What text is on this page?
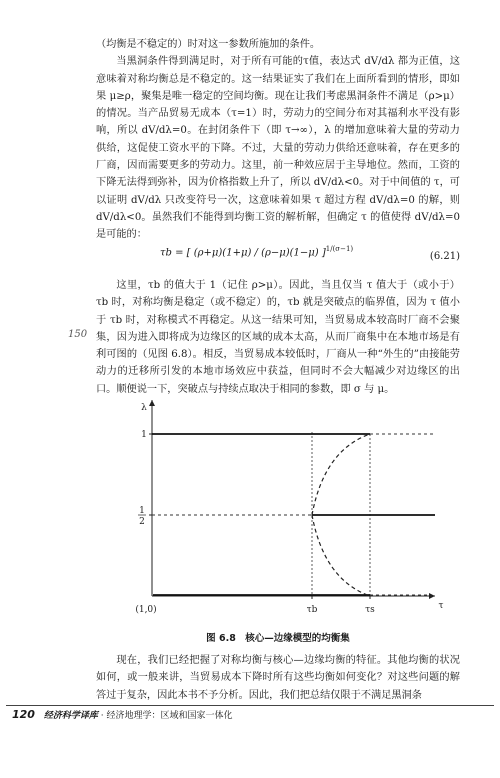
（均衡是不稳定的）时对这一参数所施加的条件。

当黑洞条件得到满足时，对于所有可能的τ值，表达式 dV/dλ 都为正值，这意味着对称均衡总是不稳定的。这一结果证实了我们在上面所看到的情形，即如果 μ≥ρ，聚集是唯一稳定的空间均衡。现在让我们考虑黑洞条件不满足（ρ>μ）的情况。当产品贸易无成本（τ=1）时，劳动力的空间分布对其福利水平没有影响，所以 dV/dλ=0。在封闭条件下（即 τ→∞），λ 的增加意味着大量的劳动力供给，这促使工资水平的下降。不过，大量的劳动力供给还意味着，存在更多的厂商，因而需要更多的劳动力。这里，前一种效应居于主导地位。然而，工资的下降无法得到弥补，因为价格指数上升了，所以 dV/dλ<0。对于中间值的 τ，可以证明 dV/dλ 只改变符号一次，这意味着如果 τ 超过方程 dV/dλ=0 的解，则 dV/dλ<0。虽然我们不能得到均衡工资的解析解，但确定 τ 的值使得 dV/dλ=0 是可能的：

τb = [ (ρ+μ)(1+μ) / (ρ−μ)(1−μ) ]$^{1/(\sigma-1)}$
(6.21)

这里，τb 的值大于 1（记住 ρ>μ）。因此，当且仅当 τ 值大于（或小于）τb 时，对称均衡是稳定（或不稳定）的，τb 就是突破点的临界值，因为 τ 值小于 τb 时，对称模式不再稳定。从这一结果可知，当贸易成本较高时厂商不会聚集，因为进入即将成为边缘区的区域的成本太高，从而厂商集中在本地市场是有利可图的（见图 6.8）。相反，当贸易成本较低时，厂商从一种“外生的”由接能劳动力的迁移所引发的本地市场效应中获益，但同时不会大幅减少对边缘区的出口。顺便说一下，突破点与持续点取决于相同的参数，即 σ 与 μ。

150
λ
τ
1
1
2
(1,0)	τb	τs
图 6.8　核心—边缘模型的均衡集

现在，我们已经把握了对称均衡与核心—边缘均衡的特征。其他均衡的状况如何，或一般来讲，当贸易成本下降时所有这些均衡如何变化？对这些问题的解答过于复杂，因此本书不予分析。因此，我们把总结仅限于不满足黑洞条

120 经济科学译库 · 经济地理学：区域和国家一体化
